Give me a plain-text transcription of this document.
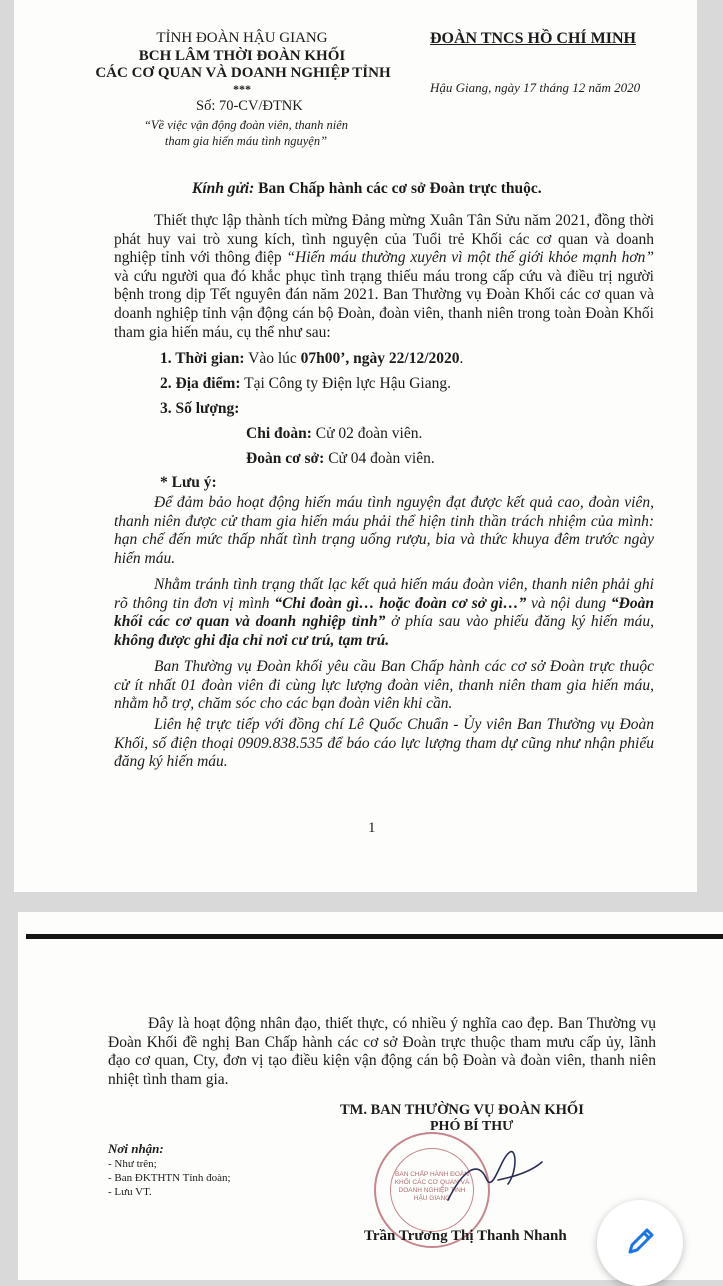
TỈNH ĐOÀN HẬU GIANG
BCH LÂM THỜI ĐOÀN KHỐI
CÁC CƠ QUAN VÀ DOANH NGHIỆP TỈNH
***
ĐOÀN TNCS HỒ CHÍ MINH
Hậu Giang, ngày 17 tháng 12 năm 2020
Số: 70-CV/ĐTNK
“Về việc vận động đoàn viên, thanh niên
tham gia hiến máu tình nguyện”
Kính gửi: Ban Chấp hành các cơ sở Đoàn trực thuộc.
Thiết thực lập thành tích mừng Đảng mừng Xuân Tân Sửu năm 2021, đồng thời phát huy vai trò xung kích, tình nguyện của Tuổi trẻ Khối các cơ quan và doanh nghiệp tỉnh với thông điệp “Hiến máu thường xuyên vì một thế giới khỏe mạnh hơn” và cứu người qua đó khắc phục tình trạng thiếu máu trong cấp cứu và điều trị người bệnh trong dịp Tết nguyên đán năm 2021. Ban Thường vụ Đoàn Khối các cơ quan và doanh nghiệp tỉnh vận động cán bộ Đoàn, đoàn viên, thanh niên trong toàn Đoàn Khối tham gia hiến máu, cụ thể như sau:
1. Thời gian: Vào lúc 07h00’, ngày 22/12/2020.
2. Địa điểm: Tại Công ty Điện lực Hậu Giang.
3. Số lượng:
Chi đoàn: Cử 02 đoàn viên.
Đoàn cơ sở: Cử 04 đoàn viên.
* Lưu ý:
Để đảm bảo hoạt động hiến máu tình nguyện đạt được kết quả cao, đoàn viên, thanh niên được cử tham gia hiến máu phải thể hiện tinh thần trách nhiệm của mình: hạn chế đến mức thấp nhất tình trạng uống rượu, bia và thức khuya đêm trước ngày hiến máu.
Nhằm tránh tình trạng thất lạc kết quả hiến máu đoàn viên, thanh niên phải ghi rõ thông tin đơn vị mình “Chi đoàn gì… hoặc đoàn cơ sở gì…” và nội dung “Đoàn khối các cơ quan và doanh nghiệp tỉnh” ở phía sau vào phiếu đăng ký hiến máu, không được ghi địa chỉ nơi cư trú, tạm trú.
Ban Thường vụ Đoàn khối yêu cầu Ban Chấp hành các cơ sở Đoàn trực thuộc cử ít nhất 01 đoàn viên đi cùng lực lượng đoàn viên, thanh niên tham gia hiến máu, nhằm hỗ trợ, chăm sóc cho các bạn đoàn viên khi cần.
Liên hệ trực tiếp với đồng chí Lê Quốc Chuẩn - Ủy viên Ban Thường vụ Đoàn Khối, số điện thoại 0909.838.535 để báo cáo lực lượng tham dự cũng như nhận phiếu đăng ký hiến máu.
1
Đây là hoạt động nhân đạo, thiết thực, có nhiều ý nghĩa cao đẹp. Ban Thường vụ Đoàn Khối đề nghị Ban Chấp hành các cơ sở Đoàn trực thuộc tham mưu cấp ủy, lãnh đạo cơ quan, Cty, đơn vị tạo điều kiện vận động cán bộ Đoàn và đoàn viên, thanh niên nhiệt tình tham gia.
TM. BAN THƯỜNG VỤ ĐOÀN KHỐI
PHÓ BÍ THƯ
Nơi nhận:
- Như trên;
- Ban ĐKTHTN Tỉnh đoàn;
- Lưu VT.
BAN CHẤP HÀNH ĐOÀN KHỐI CÁC CƠ QUAN VÀ DOANH NGHIỆP TỈNH HẬU GIANG
Trần Trương Thị Thanh Nhanh
